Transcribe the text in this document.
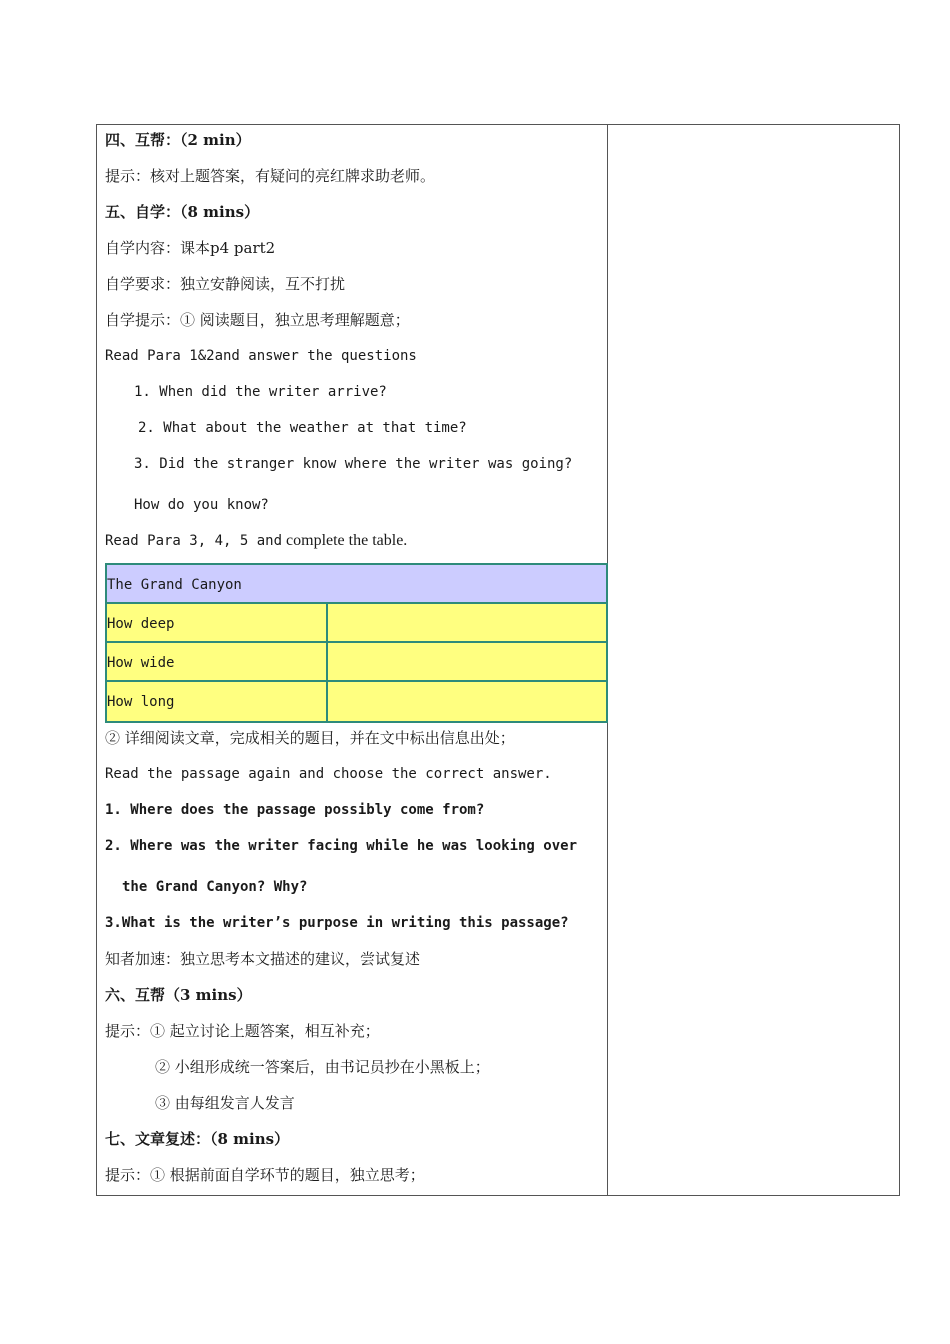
四、互帮：（2 min）
提示：核对上题答案，有疑问的亮红牌求助老师。
五、自学：（8 mins）
自学内容：课本p4 part2
自学要求：独立安静阅读，互不打扰
自学提示：① 阅读题目，独立思考理解题意；
Read Para 1&2and answer the questions
1. When did the writer arrive?
2. What about the weather at that time?
3. Did the stranger know where the writer was going?
How do you know?
Read Para 3, 4, 5 and complete the table.
The Grand Canyon
How deep
How wide
How long
② 详细阅读文章，完成相关的题目，并在文中标出信息出处；
Read the passage again and choose the correct answer.
1. Where does the passage possibly come from?
2. Where was the writer facing while he was looking over
the Grand Canyon? Why?
3.What is the writer’s purpose in writing this passage?
知者加速：独立思考本文描述的建议，尝试复述
六、互帮（3 mins）
提示：① 起立讨论上题答案，相互补充；
② 小组形成统一答案后，由书记员抄在小黑板上；
③ 由每组发言人发言
七、文章复述：（8 mins）
提示：① 根据前面自学环节的题目，独立思考；
